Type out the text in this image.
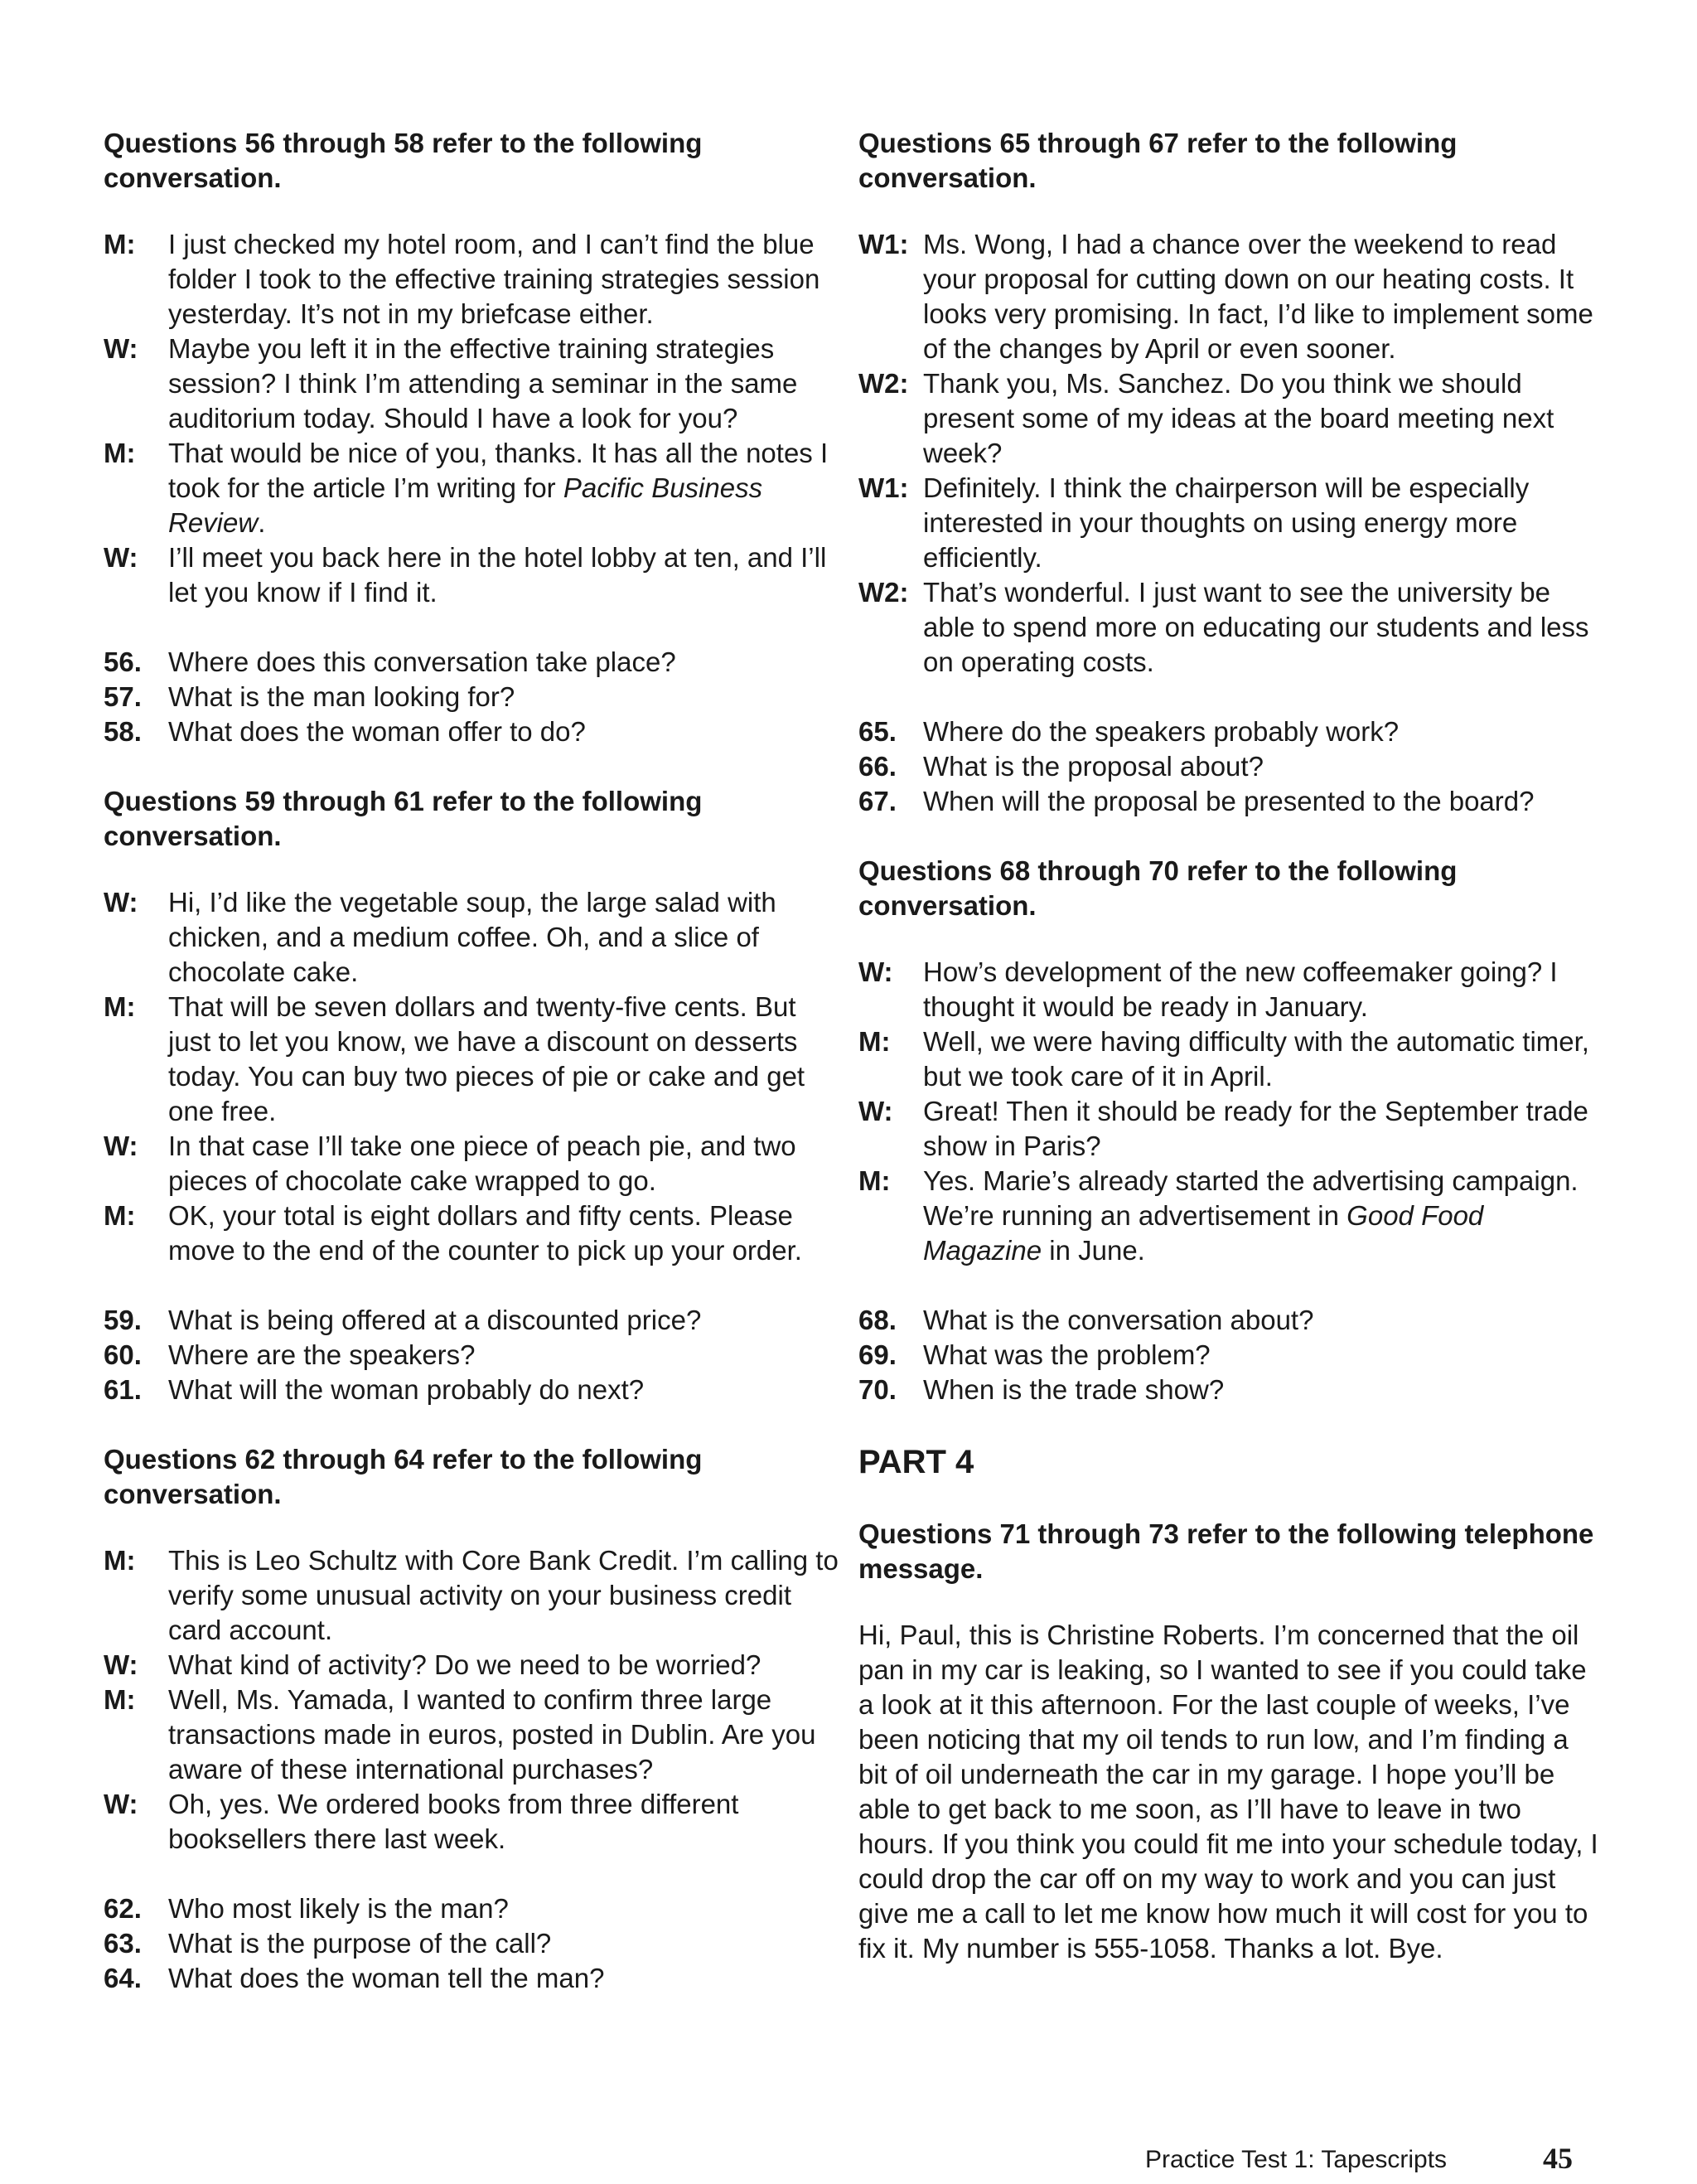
Questions 56 through 58 refer to the following conversation.

M:	I just checked my hotel room, and I can’t find the blue folder I took to the effective training strategies session yesterday. It’s not in my briefcase either.
W:	Maybe you left it in the effective training strategies session? I think I’m attending a seminar in the same auditorium today. Should I have a look for you?
M:	That would be nice of you, thanks. It has all the notes I took for the article I’m writing for Pacific Business Review.
W:	I’ll meet you back here in the hotel lobby at ten, and I’ll let you know if I find it.
56. Where does this conversation take place?
57. What is the man looking for?
58. What does the woman offer to do?

Questions 59 through 61 refer to the following conversation.

W:	Hi, I’d like the vegetable soup, the large salad with chicken, and a medium coffee. Oh, and a slice of chocolate cake.
M:	That will be seven dollars and twenty-five cents. But just to let you know, we have a discount on desserts today. You can buy two pieces of pie or cake and get one free.
W:	In that case I’ll take one piece of peach pie, and two pieces of chocolate cake wrapped to go.
M:	OK, your total is eight dollars and fifty cents. Please move to the end of the counter to pick up your order.
59. What is being offered at a discounted price?
60. Where are the speakers?
61. What will the woman probably do next?

Questions 62 through 64 refer to the following conversation.

M:	This is Leo Schultz with Core Bank Credit. I’m calling to verify some unusual activity on your business credit card account.
W:	What kind of activity? Do we need to be worried?
M:	Well, Ms. Yamada, I wanted to confirm three large transactions made in euros, posted in Dublin. Are you aware of these international purchases?
W:	Oh, yes. We ordered books from three different booksellers there last week.
62. Who most likely is the man?
63. What is the purpose of the call?
64. What does the woman tell the man?

Questions 65 through 67 refer to the following conversation.

W1: Ms. Wong, I had a chance over the weekend to read your proposal for cutting down on our heating costs. It looks very promising. In fact, I’d like to implement some of the changes by April or even sooner.
W2: Thank you, Ms. Sanchez. Do you think we should present some of my ideas at the board meeting next week?
W1: Definitely. I think the chairperson will be especially interested in your thoughts on using energy more efficiently.
W2: That’s wonderful. I just want to see the university be able to spend more on educating our students and less on operating costs.
65. Where do the speakers probably work?
66. What is the proposal about?
67. When will the proposal be presented to the board?

Questions 68 through 70 refer to the following conversation.

W:	How’s development of the new coffeemaker going? I thought it would be ready in January.
M:	Well, we were having difficulty with the automatic timer, but we took care of it in April.
W:	Great! Then it should be ready for the September trade show in Paris?
M:	Yes. Marie’s already started the advertising campaign. We’re running an advertisement in Good Food Magazine in June.
68. What is the conversation about?
69. What was the problem?
70. When is the trade show?

PART 4

Questions 71 through 73 refer to the following telephone message.

Hi, Paul, this is Christine Roberts. I’m concerned that the oil pan in my car is leaking, so I wanted to see if you could take a look at it this afternoon. For the last couple of weeks, I’ve been noticing that my oil tends to run low, and I’m finding a bit of oil underneath the car in my garage. I hope you’ll be able to get back to me soon, as I’ll have to leave in two hours. If you think you could fit me into your schedule today, I could drop the car off on my way to work and you can just give me a call to let me know how much it will cost for you to fix it. My number is 555-1058. Thanks a lot. Bye.

Practice Test 1: Tapescripts	45
